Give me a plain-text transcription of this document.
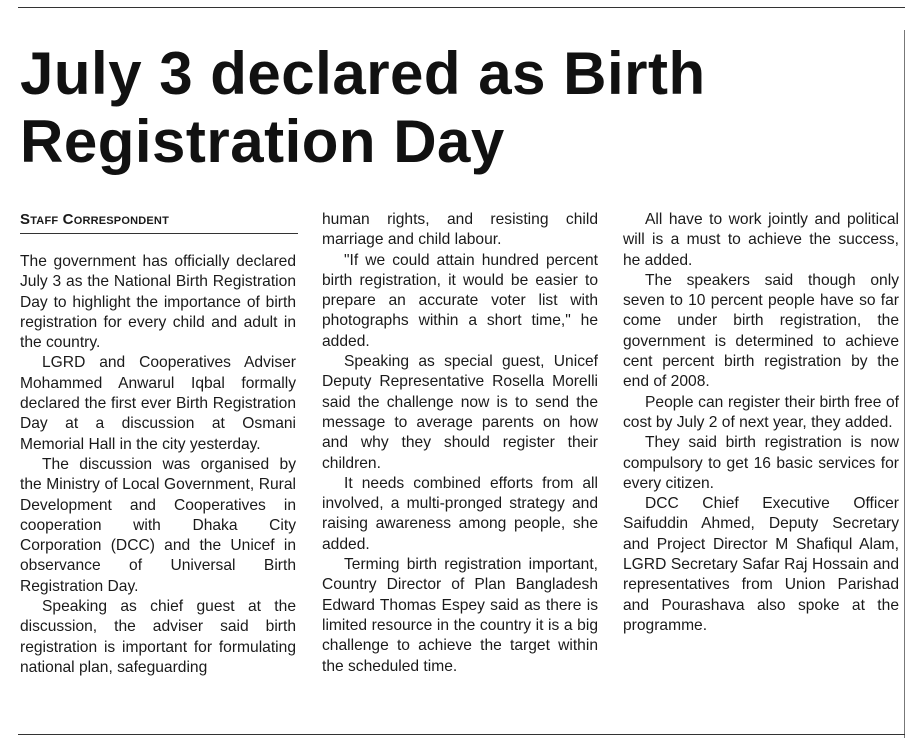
July 3 declared as Birth Registration Day
Staff Correspondent

The government has officially declared July 3 as the National Birth Registration Day to highlight the importance of birth registration for every child and adult in the country.

LGRD and Cooperatives Adviser Mohammed Anwarul Iqbal formally declared the first ever Birth Registration Day at a discussion at Osmani Memorial Hall in the city yesterday.

The discussion was organised by the Ministry of Local Government, Rural Development and Cooperatives in cooperation with Dhaka City Corporation (DCC) and the Unicef in observance of Universal Birth Registration Day.

Speaking as chief guest at the discussion, the adviser said birth registration is important for formulating national plan, safeguarding

human rights, and resisting child marriage and child labour.

"If we could attain hundred percent birth registration, it would be easier to prepare an accurate voter list with photographs within a short time," he added.

Speaking as special guest, Unicef Deputy Representative Rosella Morelli said the challenge now is to send the message to average parents on how and why they should register their children.

It needs combined efforts from all involved, a multi-pronged strategy and raising awareness among people, she added.

Terming birth registration important, Country Director of Plan Bangladesh Edward Thomas Espey said as there is limited resource in the country it is a big challenge to achieve the target within the scheduled time.

All have to work jointly and political will is a must to achieve the success, he added.

The speakers said though only seven to 10 percent people have so far come under birth registration, the government is determined to achieve cent percent birth registration by the end of 2008.

People can register their birth free of cost by July 2 of next year, they added.

They said birth registration is now compulsory to get 16 basic services for every citizen.

DCC Chief Executive Officer Saifuddin Ahmed, Deputy Secretary and Project Director M Shafiqul Alam, LGRD Secretary Safar Raj Hossain and representatives from Union Parishad and Pourashava also spoke at the programme.
